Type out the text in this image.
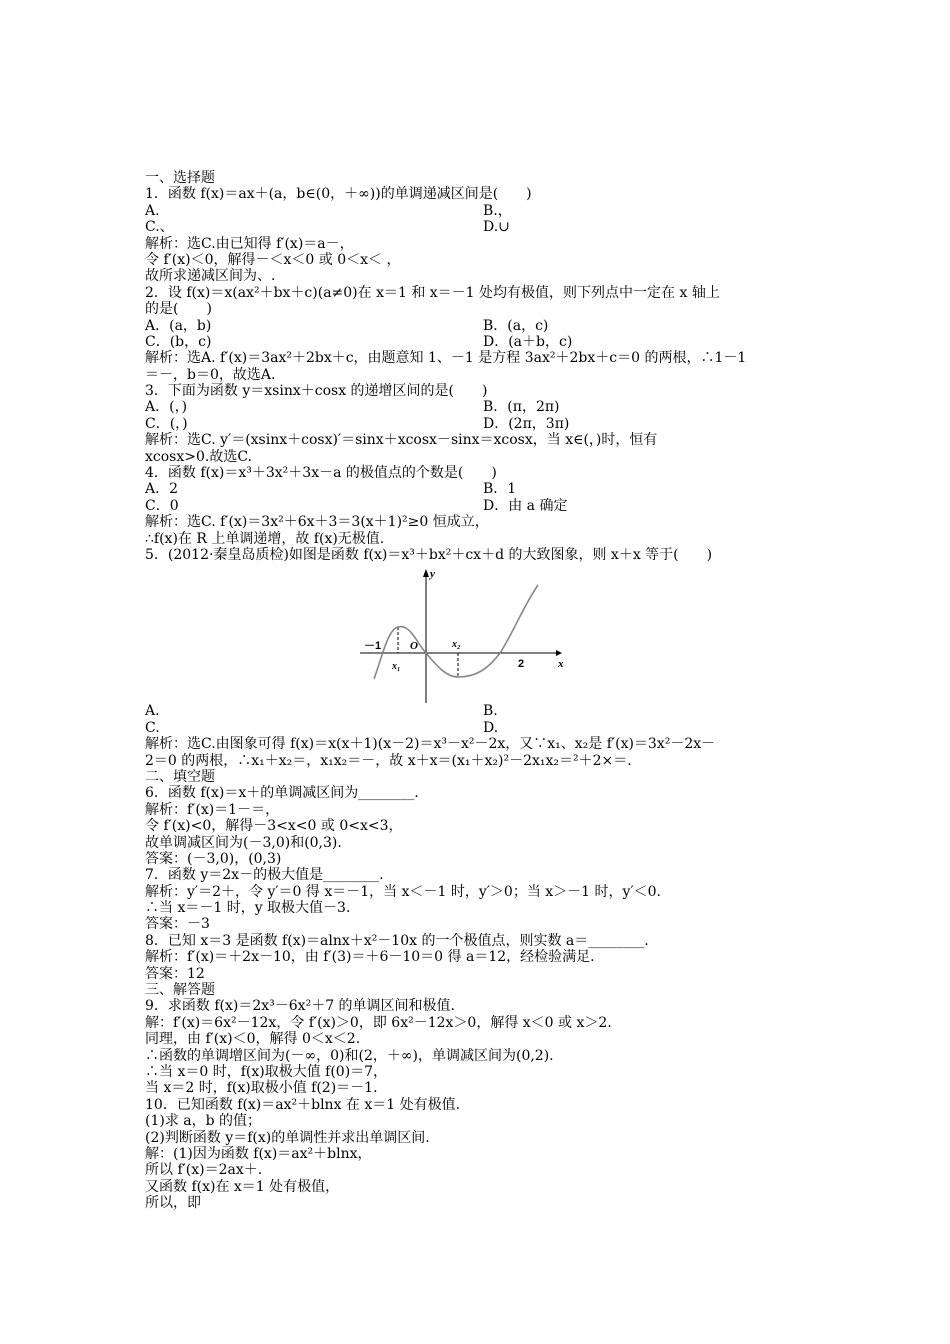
一、选择题
1．函数 f(x)＝ax＋(a，b∈(0，＋∞))的单调递减区间是(　　)
A.	B.，
C.、	D.∪
解析：选C.由已知得 f′(x)＝a－，
令 f′(x)＜0，解得－＜x＜0 或 0＜x＜ ，
故所求递减区间为、.
2．设 f(x)＝x(ax²＋bx＋c)(a≠0)在 x＝1 和 x＝－1 处均有极值，则下列点中一定在 x 轴上
的是(　　)
A．(a，b)	B．(a，c)
C．(b，c)	D．(a＋b，c)
解析：选A. f′(x)＝3ax²＋2bx＋c，由题意知 1、－1 是方程 3ax²＋2bx＋c＝0 的两根，∴1－1
＝－，b＝0，故选A.
3．下面为函数 y＝xsinx＋cosx 的递增区间的是(　　)
A．(，)	B．(π，2π)
C．(，)	D．(2π，3π)
解析：选C. y′＝(xsinx＋cosx)′＝sinx＋xcosx－sinx＝xcosx，当 x∈(，)时，恒有
xcosx>0.故选C.
4．函数 f(x)＝x³＋3x²＋3x－a 的极值点的个数是(　　)
A．2	B．1
C．0	D．由 a 确定
解析：选C. f′(x)＝3x²＋6x＋3＝3(x＋1)²≥0 恒成立，
∴f(x)在 R 上单调递增，故 f(x)无极值.
5．(2012·秦皇岛质检)如图是函数 f(x)＝x³＋bx²＋cx＋d 的大致图象，则 x＋x 等于(　　)
－1	O
y
x
2
x₁
x₂
A.	B.
C.	D.
解析：选C.由图象可得 f(x)＝x(x＋1)(x－2)＝x³－x²－2x，又∵x₁、x₂是 f′(x)＝3x²－2x－
2＝0 的两根，∴x₁＋x₂＝，x₁x₂＝－，故 x＋x＝(x₁＋x₂)²－2x₁x₂＝²＋2×＝.
二、填空题
6．函数 f(x)＝x＋的单调减区间为________.
解析：f′(x)＝1－＝，
令 f′(x)<0，解得－3<x<0 或 0<x<3，
故单调减区间为(－3,0)和(0,3).
答案：(－3,0)，(0,3)
7．函数 y＝2x－的极大值是________.
解析：y′＝2＋，令 y′＝0 得 x＝－1，当 x＜－1 时，y′＞0；当 x＞－1 时，y′＜0.
∴当 x＝－1 时，y 取极大值－3.
答案：－3
8．已知 x＝3 是函数 f(x)＝alnx＋x²－10x 的一个极值点，则实数 a＝________.
解析：f′(x)＝＋2x－10，由 f′(3)＝＋6－10＝0 得 a＝12，经检验满足.
答案：12
三、解答题
9．求函数 f(x)＝2x³－6x²＋7 的单调区间和极值.
解：f′(x)＝6x²－12x，令 f′(x)＞0，即 6x²－12x＞0，解得 x＜0 或 x＞2.
同理，由 f′(x)＜0，解得 0＜x＜2.
∴函数的单调增区间为(－∞，0)和(2，＋∞)，单调减区间为(0,2).
∴当 x＝0 时，f(x)取极大值 f(0)＝7，
当 x＝2 时，f(x)取极小值 f(2)＝－1.
10．已知函数 f(x)＝ax²＋blnx 在 x＝1 处有极值.
(1)求 a，b 的值；
(2)判断函数 y＝f(x)的单调性并求出单调区间.
解：(1)因为函数 f(x)＝ax²＋blnx，
所以 f′(x)＝2ax＋.
又函数 f(x)在 x＝1 处有极值，
所以，即
